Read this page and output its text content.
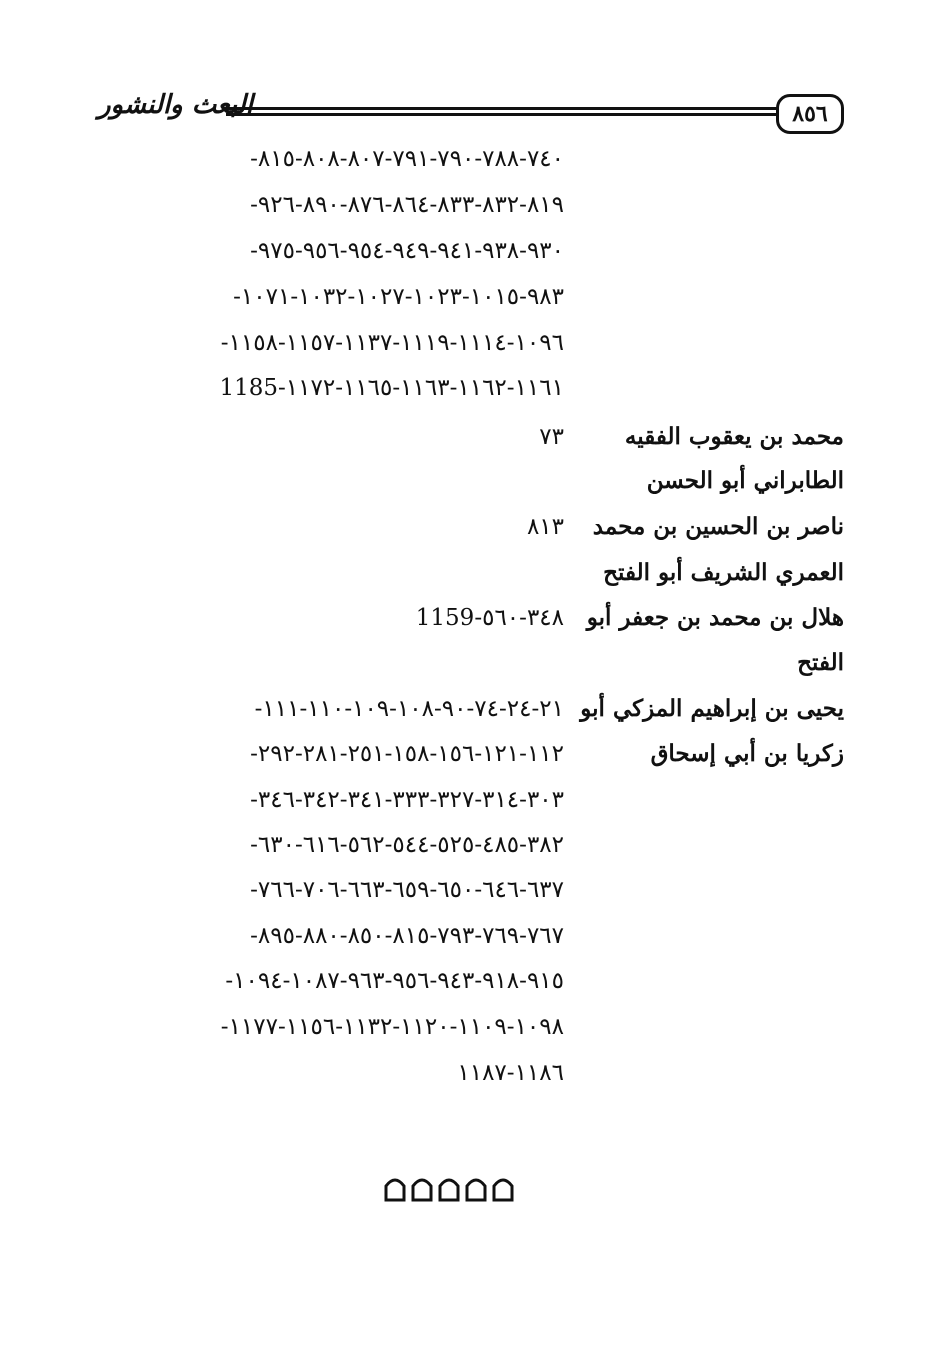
البعث والنشور	٨٥٦
٧٤٠-٧٨٨-٧٩٠-٧٩١-٨٠٧-٨٠٨-٨١٥-
٨١٩-٨٣٢-٨٣٣-٨٦٤-٨٧٦-٨٩٠-٩٢٦-
٩٣٠-٩٣٨-٩٤١-٩٤٩-٩٥٤-٩٥٦-٩٧٥-
٩٨٣-١٠١٥-١٠٢٣-١٠٢٧-١٠٣٢-١٠٧١-
١٠٩٦-١١١٤-١١١٩-١١٣٧-١١٥٧-١١٥٨-
١١٦١-١١٦٢-١١٦٣-١١٦٥-١١٧٢-1185
محمد بن يعقوب الفقيه
٧٣
الطابراني أبو الحسن
ناصر بن الحسين بن محمد
٨١٣
العمري الشريف أبو الفتح
هلال بن محمد بن جعفر أبو
٣٤٨-٥٦٠-1159
الفتح
يحيى بن إبراهيم المزكي أبو
زكريا بن أبي إسحاق
٢١-٢٤-٧٤-٩٠-١٠٨-١٠٩-١١٠-١١١-
١١٢-١٢١-١٥٦-١٥٨-٢٥١-٢٨١-٢٩٢-
٣٠٣-٣١٤-٣٢٧-٣٣٣-٣٤١-٣٤٢-٣٤٦-
٣٨٢-٤٨٥-٥٢٥-٥٤٤-٥٦٢-٦١٦-٦٣٠-
٦٣٧-٦٤٦-٦٥٠-٦٥٩-٦٦٣-٧٠٦-٧٦٦-
٧٦٧-٧٦٩-٧٩٣-٨١٥-٨٥٠-٨٨٠-٨٩٥-
٩١٥-٩١٨-٩٤٣-٩٥٦-٩٦٣-١٠٨٧-١٠٩٤-
١٠٩٨-١١٠٩-١١٢٠-١١٣٢-١١٥٦-١١٧٧-
١١٨٦-١١٨٧
